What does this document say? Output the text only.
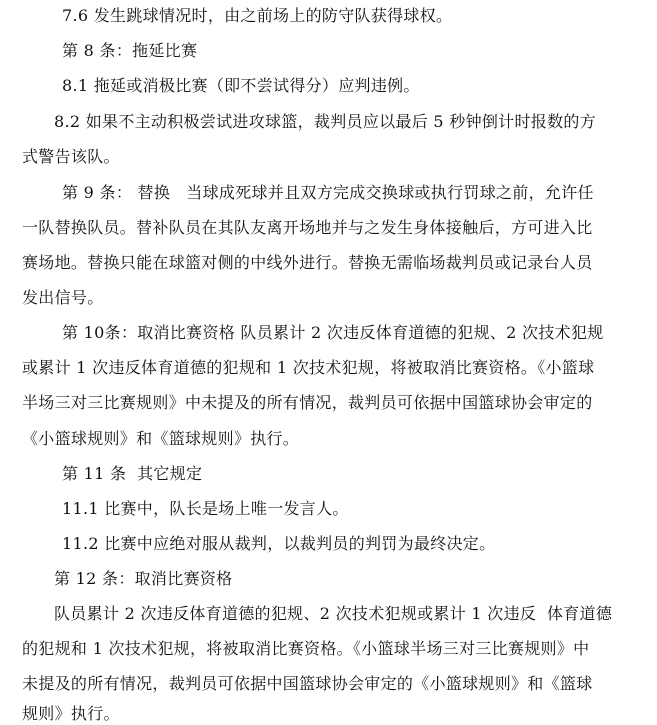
7.6 发生跳球情况时，由之前场上的防守队获得球权。
第 8 条：拖延比赛
8.1 拖延或消极比赛（即不尝试得分）应判违例。
8.2 如果不主动积极尝试进攻球篮，裁判员应以最后 5 秒钟倒计时报数的方
式警告该队。
第 9 条： 替换   当球成死球并且双方完成交换球或执行罚球之前，允许任
一队替换队员。替补队员在其队友离开场地并与之发生身体接触后，方可进入比
赛场地。替换只能在球篮对侧的中线外进行。替换无需临场裁判员或记录台人员
发出信号。
第 10条：取消比赛资格 队员累计 2 次违反体育道德的犯规、2 次技术犯规
或累计 1 次违反体育道德的犯规和 1 次技术犯规，将被取消比赛资格。《小篮球
半场三对三比赛规则》中未提及的所有情况，裁判员可依据中国篮球协会审定的
《小篮球规则》和《篮球规则》执行。
第 11 条  其它规定
11.1 比赛中，队长是场上唯一发言人。
11.2 比赛中应绝对服从裁判，以裁判员的判罚为最终决定。
第 12 条：取消比赛资格
队员累计 2 次违反体育道德的犯规、2 次技术犯规或累计 1 次违反  体育道德
的犯规和 1 次技术犯规，将被取消比赛资格。《小篮球半场三对三比赛规则》中
未提及的所有情况，裁判员可依据中国篮球协会审定的《小篮球规则》和《篮球
规则》执行。
